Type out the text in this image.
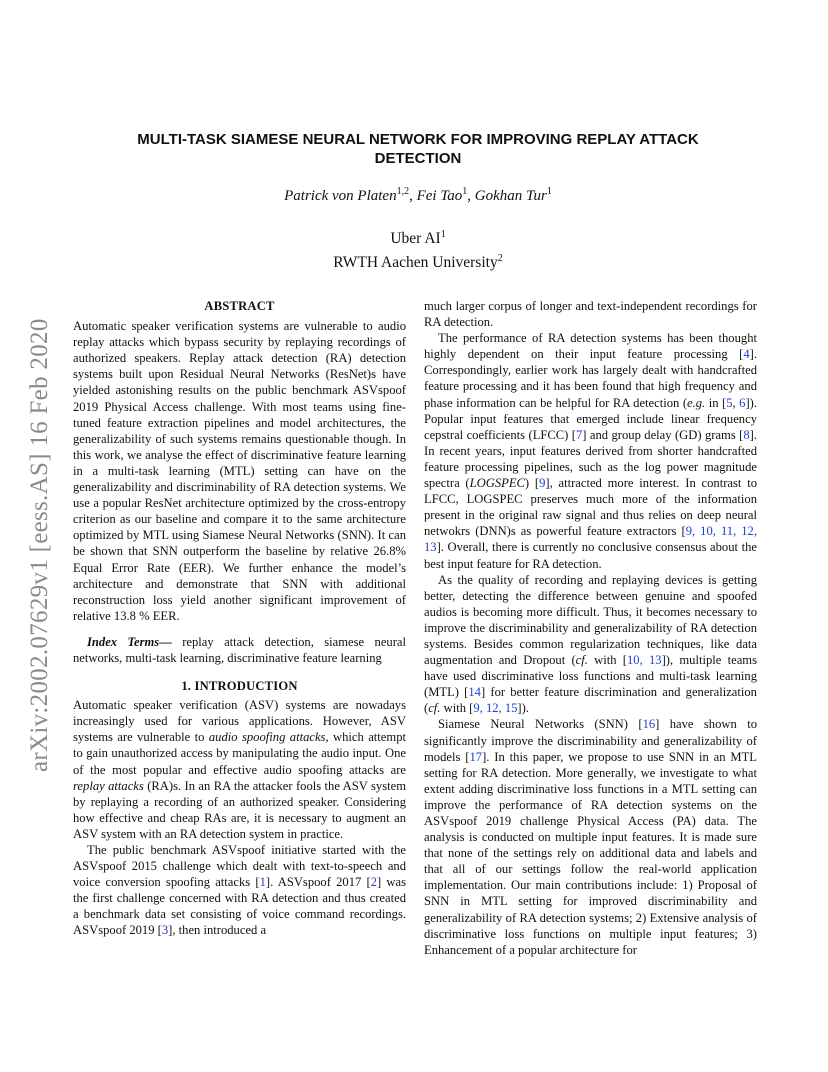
arXiv:2002.07629v1 [eess.AS] 16 Feb 2020
MULTI-TASK SIAMESE NEURAL NETWORK FOR IMPROVING REPLAY ATTACK
DETECTION
Patrick von Platen$^{1,2}$, Fei Tao$^1$, Gokhan Tur$^1$
Uber $AI^1$
RWTH Aachen University$^2$
ABSTRACT

Automatic speaker verification systems are vulnerable to audio replay attacks which bypass security by replaying recordings of authorized speakers. Replay attack detection (RA) detection systems built upon Residual Neural Networks (ResNet)s have yielded astonishing results on the public benchmark ASVspoof 2019 Physical Access challenge. With most teams using fine-tuned feature extraction pipelines and model architectures, the generalizability of such systems remains questionable though. In this work, we analyse the effect of discriminative feature learning in a multi-task learning (MTL) setting can have on the generalizability and discriminability of RA detection systems. We use a popular ResNet architecture optimized by the cross-entropy criterion as our baseline and compare it to the same architecture optimized by MTL using Siamese Neural Networks (SNN). It can be shown that SNN outperform the baseline by relative 26.8% Equal Error Rate (EER). We further enhance the model’s architecture and demonstrate that SNN with additional reconstruction loss yield another significant improvement of relative 13.8 % EER.

Index Terms— replay attack detection, siamese neural networks, multi-task learning, discriminative feature learning

1. INTRODUCTION

Automatic speaker verification (ASV) systems are nowadays increasingly used for various applications. However, ASV systems are vulnerable to audio spoofing attacks, which attempt to gain unauthorized access by manipulating the audio input. One of the most popular and effective audio spoofing attacks are replay attacks (RA)s. In an RA the attacker fools the ASV system by replaying a recording of an authorized speaker. Considering how effective and cheap RAs are, it is necessary to augment an ASV system with an RA detection system in practice.

The public benchmark ASVspoof initiative started with the ASVspoof 2015 challenge which dealt with text-to-speech and voice conversion spoofing attacks [1]. ASVspoof 2017 [2] was the first challenge concerned with RA detection and thus created a benchmark data set consisting of voice command recordings. ASVspoof 2019 [3], then introduced a

much larger corpus of longer and text-independent recordings for RA detection.

The performance of RA detection systems has been thought highly dependent on their input feature processing [4]. Correspondingly, earlier work has largely dealt with handcrafted feature processing and it has been found that high frequency and phase information can be helpful for RA detection (e.g. in [5, 6]). Popular input features that emerged include linear frequency cepstral coefficients (LFCC) [7] and group delay (GD) grams [8]. In recent years, input features derived from shorter handcrafted feature processing pipelines, such as the log power magnitude spectra (LOGSPEC) [9], attracted more interest. In contrast to LFCC, LOGSPEC preserves much more of the information present in the original raw signal and thus relies on deep neural netwokrs (DNN)s as powerful feature extractors [9, 10, 11, 12, 13]. Overall, there is currently no conclusive consensus about the best input feature for RA detection.

As the quality of recording and replaying devices is getting better, detecting the difference between genuine and spoofed audios is becoming more difficult. Thus, it becomes necessary to improve the discriminability and generalizability of RA detection systems. Besides common regularization techniques, like data augmentation and Dropout (cf. with [10, 13]), multiple teams have used discriminative loss functions and multi-task learning (MTL) [14] for better feature discrimination and generalization (cf. with [9, 12, 15]).

Siamese Neural Networks (SNN) [16] have shown to significantly improve the discriminability and generalizability of models [17]. In this paper, we propose to use SNN in an MTL setting for RA detection. More generally, we investigate to what extent adding discriminative loss functions in a MTL setting can improve the performance of RA detection systems on the ASVspoof 2019 challenge Physical Access (PA) data. The analysis is conducted on multiple input features. It is made sure that none of the settings rely on additional data and labels and that all of our settings follow the real-world application implementation. Our main contributions include: 1) Proposal of SNN in MTL setting for improved discriminability and generalizability of RA detection systems; 2) Extensive analysis of discriminative loss functions on multiple input features; 3) Enhancement of a popular architecture for
